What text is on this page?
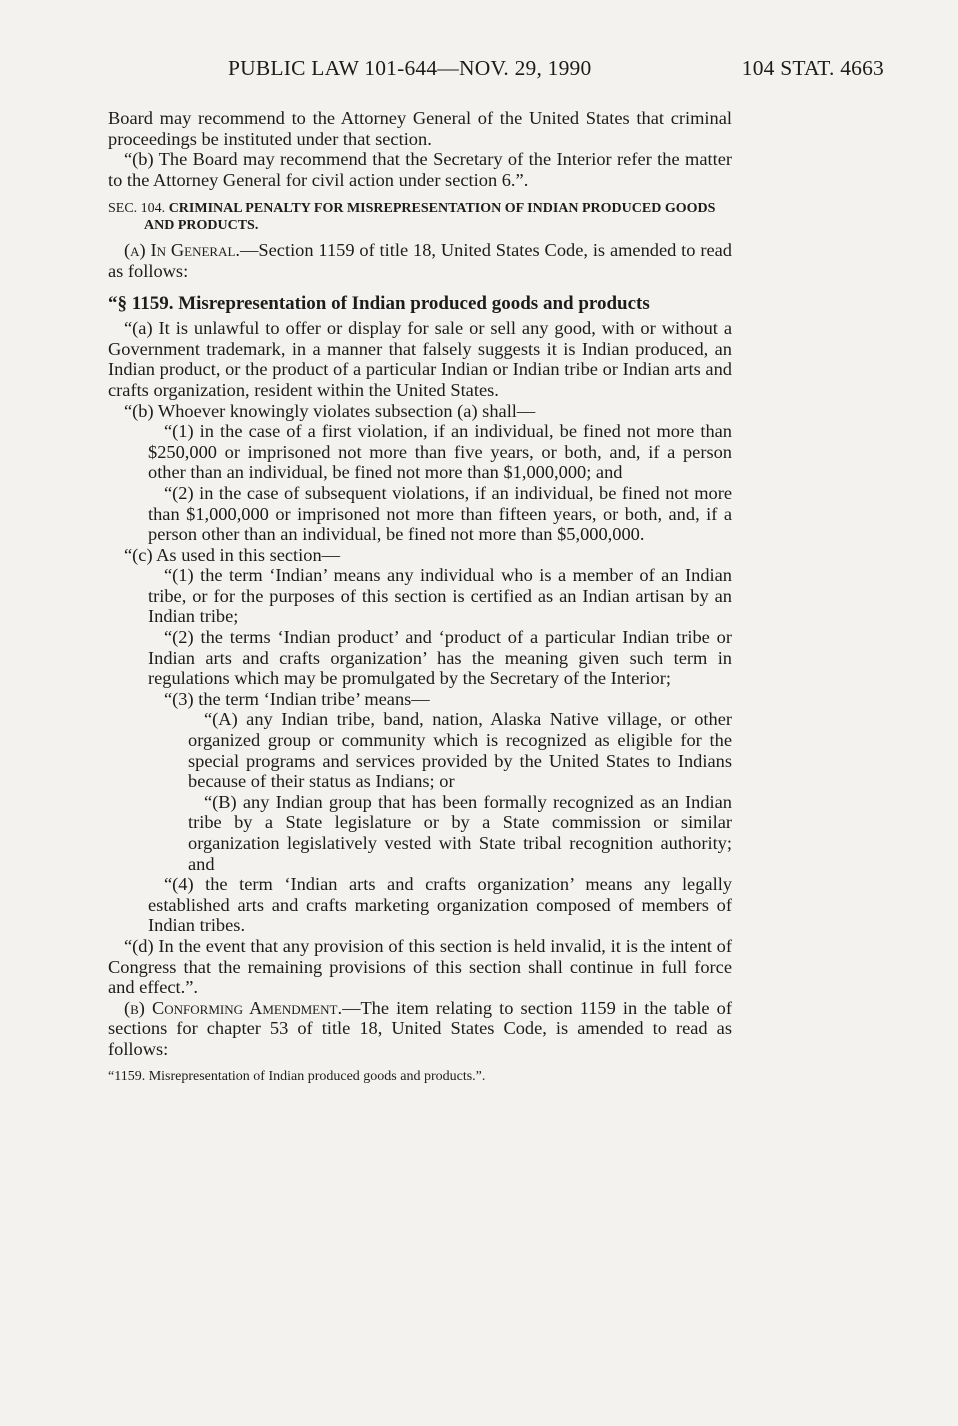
PUBLIC LAW 101-644—NOV. 29, 1990	104 STAT. 4663

Board may recommend to the Attorney General of the United States that criminal proceedings be instituted under that section.

“(b) The Board may recommend that the Secretary of the Interior refer the matter to the Attorney General for civil action under section 6.”.

SEC. 104. CRIMINAL PENALTY FOR MISREPRESENTATION OF INDIAN PRODUCED GOODS AND PRODUCTS.

(a) In General.—Section 1159 of title 18, United States Code, is amended to read as follows:

“§ 1159. Misrepresentation of Indian produced goods and products

“(a) It is unlawful to offer or display for sale or sell any good, with or without a Government trademark, in a manner that falsely suggests it is Indian produced, an Indian product, or the product of a particular Indian or Indian tribe or Indian arts and crafts organization, resident within the United States.

“(b) Whoever knowingly violates subsection (a) shall—

“(1) in the case of a first violation, if an individual, be fined not more than $250,000 or imprisoned not more than five years, or both, and, if a person other than an individual, be fined not more than $1,000,000; and

“(2) in the case of subsequent violations, if an individual, be fined not more than $1,000,000 or imprisoned not more than fifteen years, or both, and, if a person other than an individual, be fined not more than $5,000,000.

“(c) As used in this section—

“(1) the term ‘Indian’ means any individual who is a member of an Indian tribe, or for the purposes of this section is certified as an Indian artisan by an Indian tribe;

“(2) the terms ‘Indian product’ and ‘product of a particular Indian tribe or Indian arts and crafts organization’ has the meaning given such term in regulations which may be promulgated by the Secretary of the Interior;

“(3) the term ‘Indian tribe’ means—

“(A) any Indian tribe, band, nation, Alaska Native village, or other organized group or community which is recognized as eligible for the special programs and services provided by the United States to Indians because of their status as Indians; or

“(B) any Indian group that has been formally recognized as an Indian tribe by a State legislature or by a State commission or similar organization legislatively vested with State tribal recognition authority; and

“(4) the term ‘Indian arts and crafts organization’ means any legally established arts and crafts marketing organization composed of members of Indian tribes.

“(d) In the event that any provision of this section is held invalid, it is the intent of Congress that the remaining provisions of this section shall continue in full force and effect.”.

(b) Conforming Amendment.—The item relating to section 1159 in the table of sections for chapter 53 of title 18, United States Code, is amended to read as follows:

“1159. Misrepresentation of Indian produced goods and products.”.
